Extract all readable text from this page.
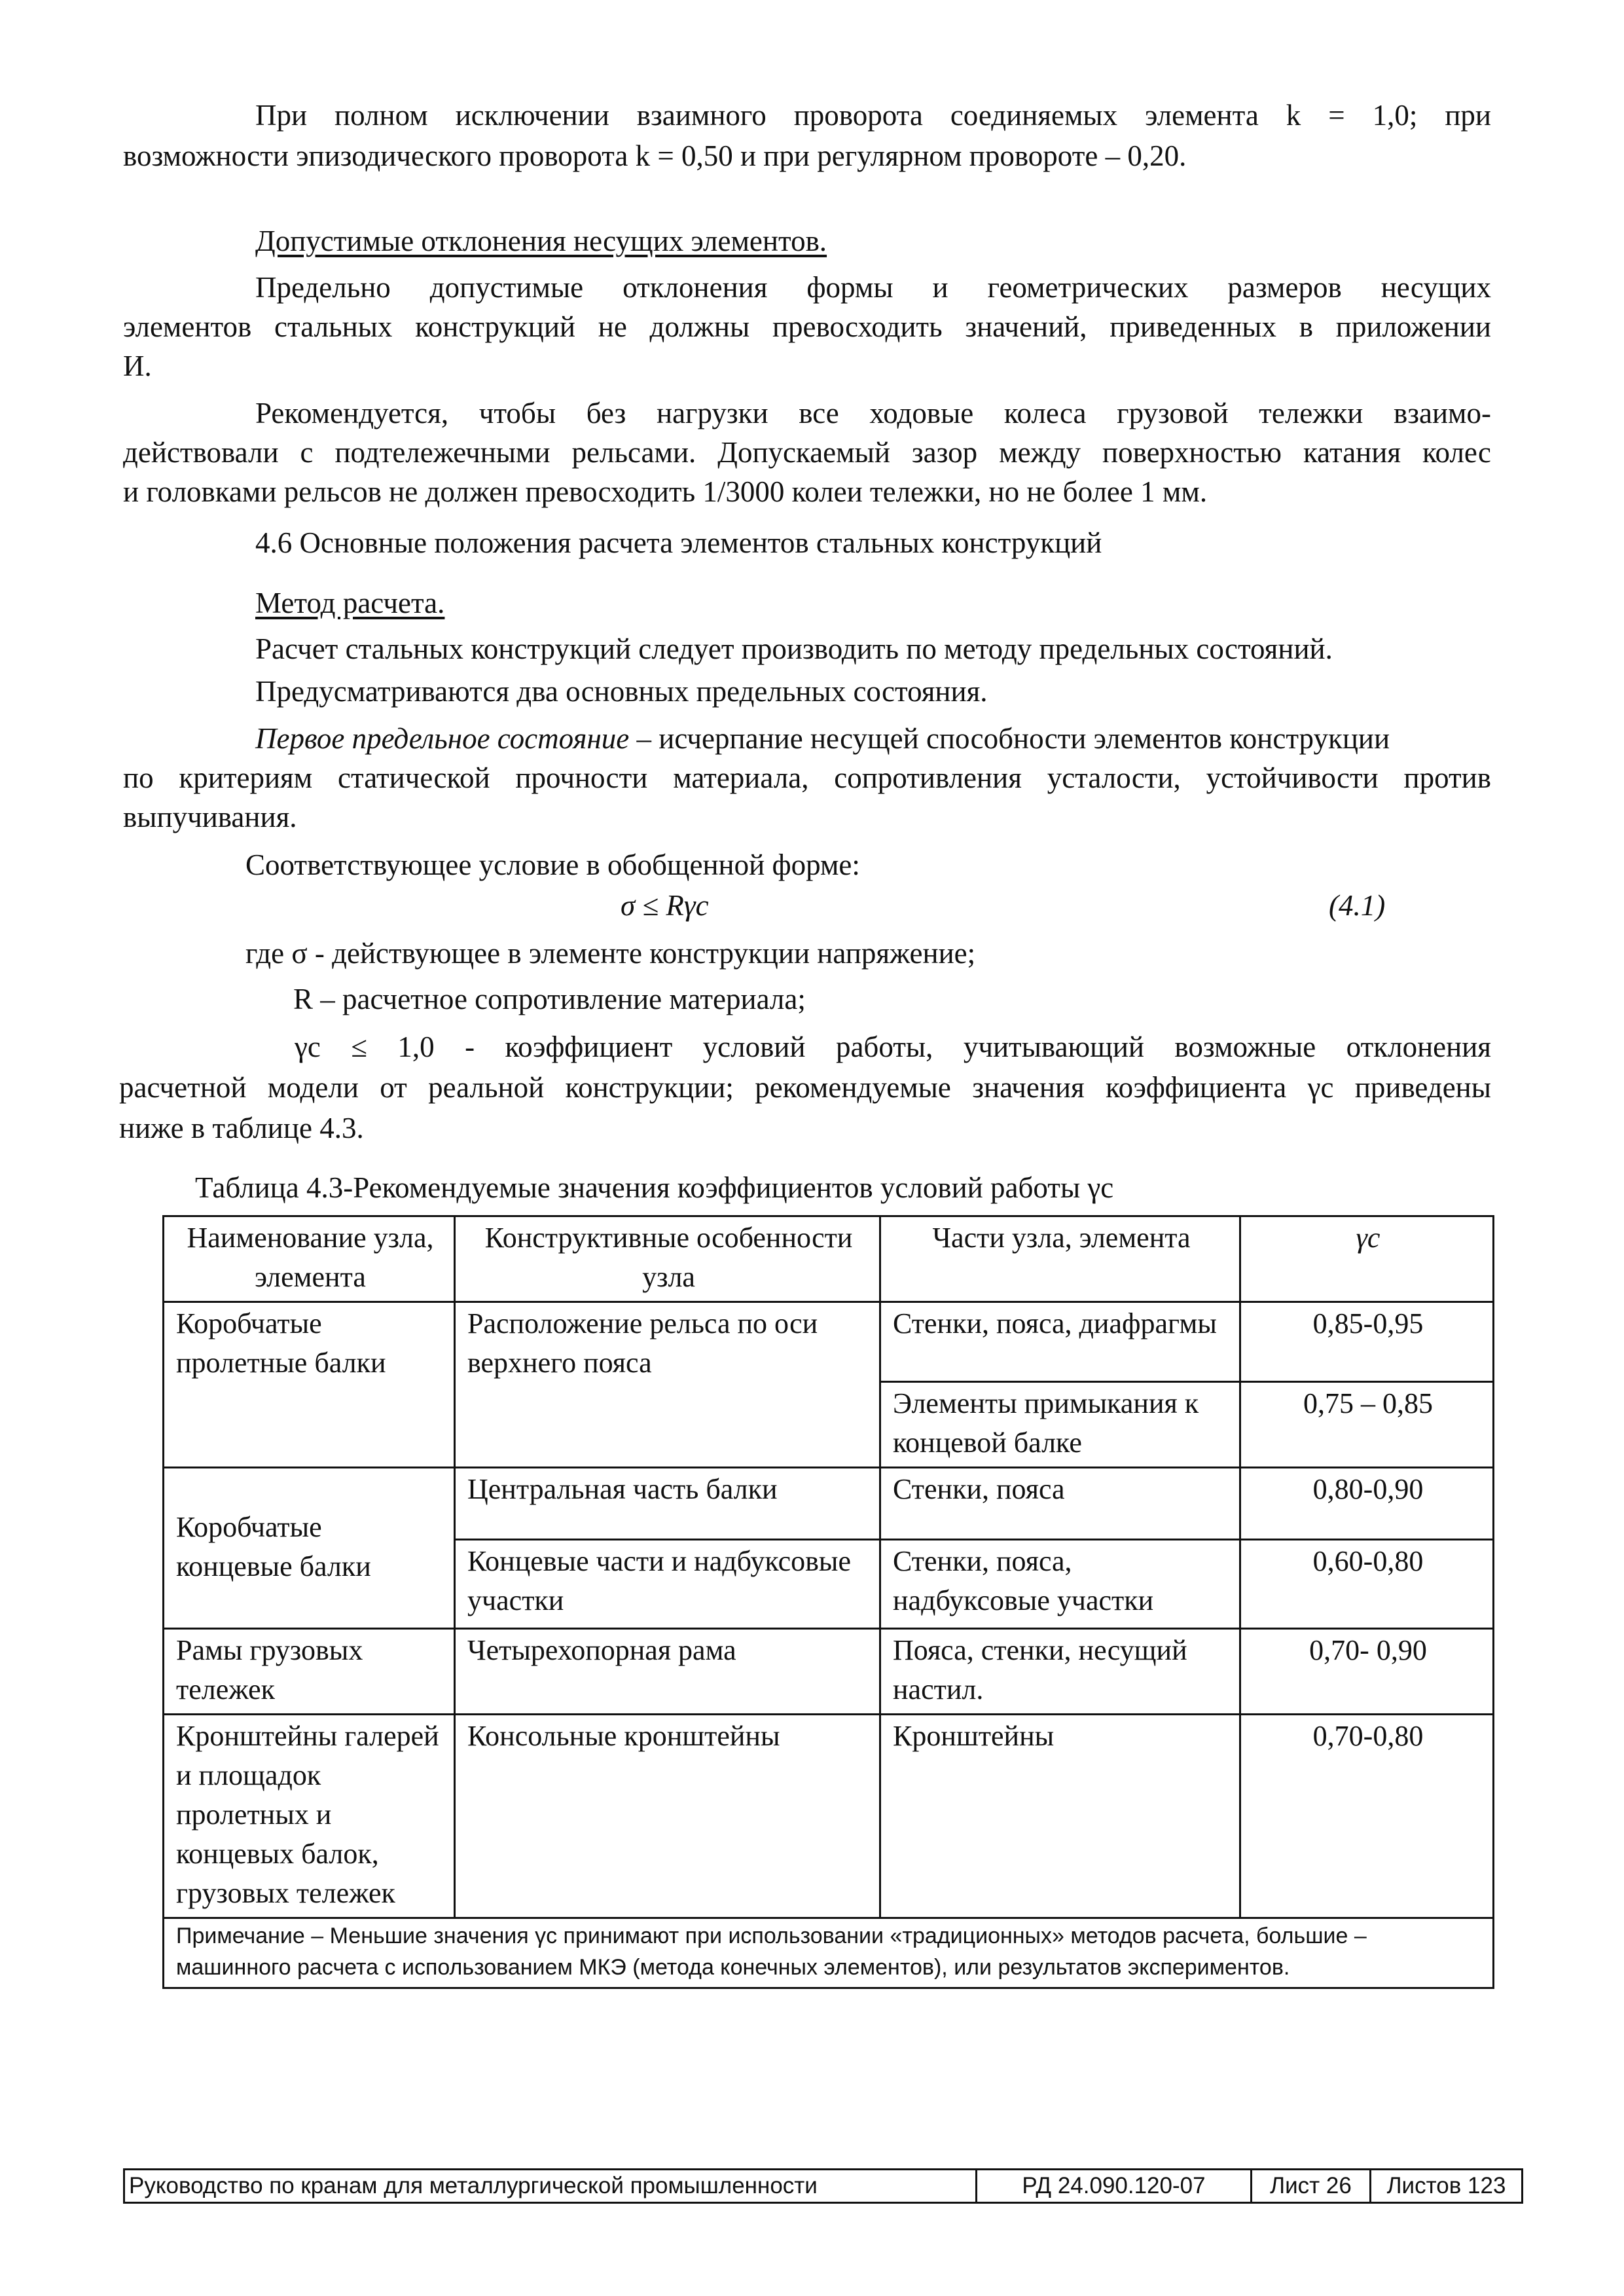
При полном исключении взаимного проворота соединяемых элемента k = 1,0; при
возможности эпизодического проворота k = 0,50 и при регулярном провороте – 0,20.
Допустимые отклонения несущих элементов.
Предельно допустимые отклонения формы и геометрических размеров несущих
элементов стальных конструкций не должны превосходить значений, приведенных в приложении
И.
Рекомендуется, чтобы без нагрузки все ходовые колеса грузовой тележки взаимо-
действовали с подтележечными рельсами. Допускаемый зазор между поверхностью катания колес
и головками рельсов не должен превосходить 1/3000 колеи тележки, но не более 1 мм.
4.6 Основные положения расчета элементов стальных конструкций
Метод расчета.
Расчет стальных конструкций следует производить по методу предельных состояний.
Предусматриваются два основных предельных состояния.
Первое предельное состояние – исчерпание несущей способности элементов конструкции
по критериям статической прочности материала, сопротивления усталости, устойчивости против
выпучивания.
Соответствующее условие в обобщенной форме:
σ ≤ Rγc	(4.1)
где σ - действующее в элементе конструкции напряжение;
R – расчетное сопротивление материала;
γc ≤ 1,0 - коэффициент условий работы, учитывающий возможные отклонения
расчетной модели от реальной конструкции; рекомендуемые значения коэффициента γc приведены
ниже в таблице 4.3.
Таблица 4.3-Рекомендуемые значения коэффициентов условий работы γc
Наименование узла, элемента	Конструктивные особенности узла	Части узла, элемента	γc
Коробчатые пролетные балки	Расположение рельса по оси верхнего пояса	Стенки, пояса, диафрагмы	0,85-0,95
		Элементы примыкания к концевой балке	0,75 – 0,85
Коробчатые концевые балки	Центральная часть балки	Стенки, пояса	0,80-0,90
	Концевые части и надбуксовые участки	Стенки, пояса, надбуксовые участки	0,60-0,80
Рамы грузовых тележек	Четырехопорная рама	Пояса, стенки, несущий настил.	0,70- 0,90
Кронштейны галерей и площадок пролетных и концевых балок, грузовых тележек	Консольные кронштейны	Кронштейны	0,70-0,80
Примечание – Меньшие значения γc принимают при использовании «традиционных» методов расчета, большие – машинного расчета с использованием МКЭ (метода конечных элементов), или результатов экспериментов.			
Руководство по кранам для металлургической промышленности	РД 24.090.120-07	Лист 26	Листов 123
